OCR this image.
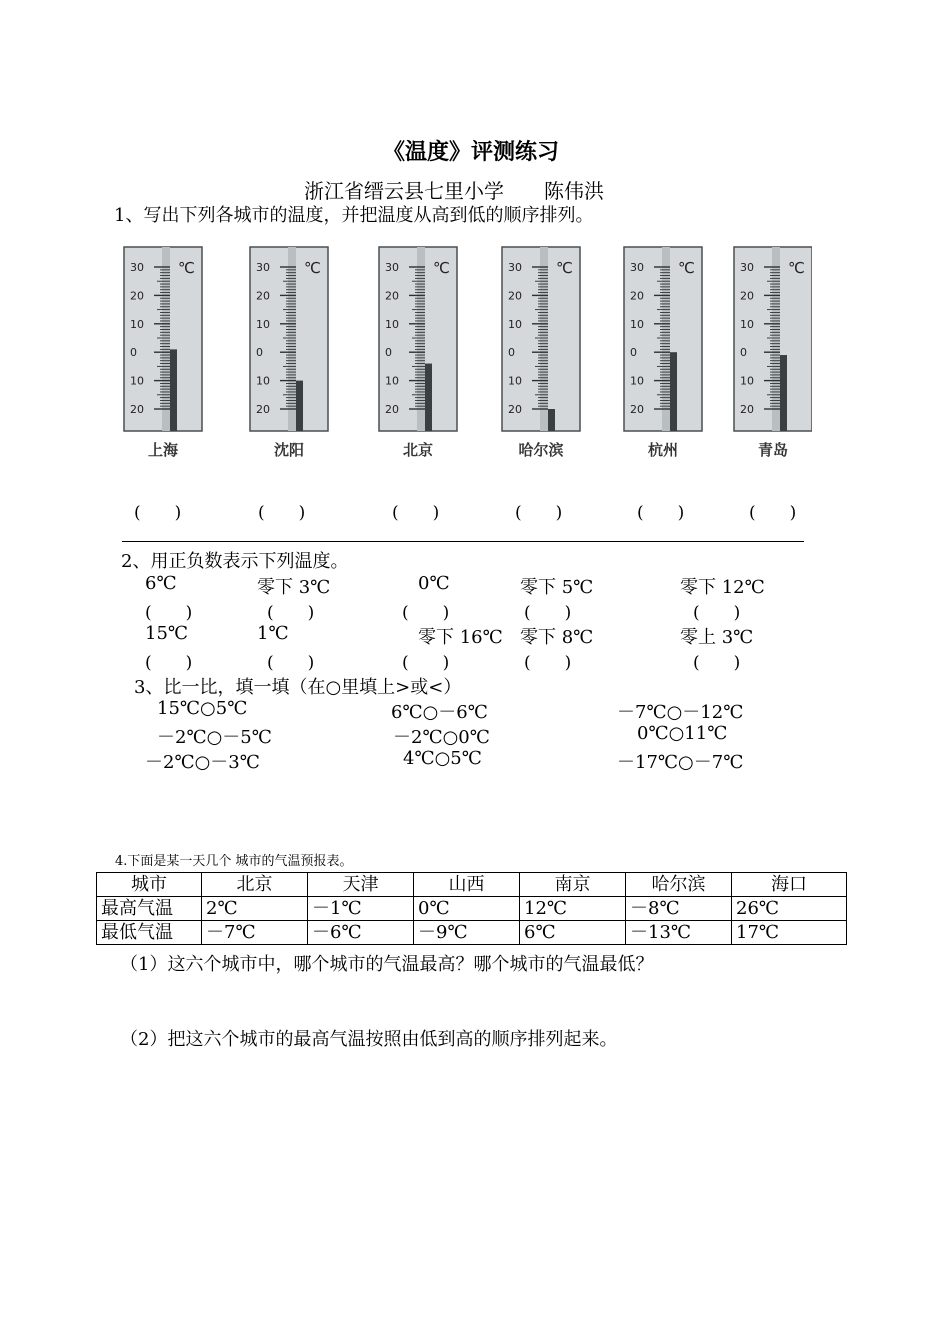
《温度》评测练习
浙江省缙云县七里小学　　陈伟洪
1、写出下列各城市的温度，并把温度从高到低的顺序排列。
30
20
10
0
10
20
℃
上海
30
20
10
0
10
20
℃
沈阳
30
20
10
0
10
20
℃
北京
30
20
10
0
10
20
℃
哈尔滨
30
20
10
0
10
20
℃
杭州
30
20
10
0
10
20
℃
青岛
(　　)	(　　)	(　　)	(　　)	(　　)	(　　)
2、用正负数表示下列温度。
6℃
(　　)
零下 3℃
(　　)
0℃
(　　)
零下 5℃
(　　)
零下 12℃
(　　)
15℃
(　　)
1℃
(　　)
零下 16℃
(　　)
零下 8℃
(　　)
零上 3℃
(　　)
3、比一比，填一填（在○里填上>或<）
15℃○5℃	6℃○－6℃	－7℃○－12℃
－2℃○－5℃	－2℃○0℃	0℃○11℃
－2℃○－3℃	4℃○5℃	－17℃○－7℃
4.下面是某一天几个 城市的气温预报表。
城市	北京	天津	山西	南京	哈尔滨	海口
最高气温	2℃	－1℃	0℃	12℃	－8℃	26℃
最低气温	－7℃	－6℃	－9℃	6℃	－13℃	17℃
（1）这六个城市中，哪个城市的气温最高？哪个城市的气温最低？
（2）把这六个城市的最高气温按照由低到高的顺序排列起来。
